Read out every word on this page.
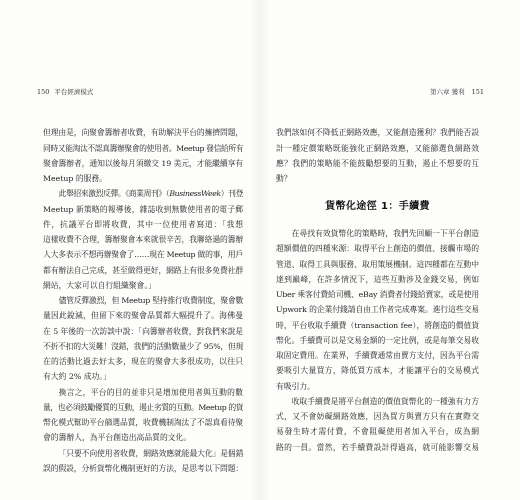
150 平台經濟模式
但理由是，向聚會籌辦者收費，有助解決平台的擁擠問題，
同時又能淘汰不認真籌辦聚會的使用者。Meetup 發信給所有
聚會籌辦者，通知以後每月須繳交 19 美元，才能繼續享有
Meetup 的服務。
此舉招來激烈反彈。《商業周刊》（BusinessWeek）刊登
Meetup 新策略的報導後，雜誌收到無數使用者的電子郵
件，抗議平台即將收費，其中一位使用者寫道：「我想
這樣收費不合理，籌辦聚會本來就很辛苦，我聯絡過的籌辦
人大多表示不想再辦聚會了……現在 Meetup 做的事，用戶
都有辦法自己完成，甚至做得更好，網路上有很多免費社群
網站，大家可以自行組織聚會。」
儘管反彈激烈，但 Meetup 堅持推行收費制度，聚會數
量因此銳減，但留下來的聚會品質都大幅提升了。海佛曼
在 5 年後的一次訪談中說：「向籌辦者收費，對我們來說是
不折不扣的大災難！沒錯，我們的活動數量少了 95%，但現
在的活動比過去好太多，現在的聚會大多很成功，以往只
有大約 2% 成功。」
換言之，平台的目的並非只是增加使用者與互動的數
量，也必須鼓勵優質的互動，遏止劣質的互動。Meetup 的貨
幣化模式幫助平台篩選品質，收費機制淘汰了不認真看待聚
會的籌辦人，為平台創造出高品質的文化。
「只要不向使用者收費，網路效應就能最大化」是個錯
誤的假設，分析貨幣化機制更好的方法，是思考以下問題：
第六章 獲利 151
我們該如何不降低正網路效應，又能創造獲利？我們能否設
計一種定價策略既能強化正網路效應，又能篩選負網路效
應？我們的策略能不能鼓勵想要的互動，遏止不想要的互
動？
貨幣化途徑 1：手續費
在尋找有效貨幣化的策略時，我們先回顧一下平台創造
超額價值的四種來源：取得平台上創造的價值、接觸市場的
管道、取得工具與服務、取用策展機制。這四種都在互動中
達到巔峰，在許多情況下，這些互動涉及金錢交易，例如
Uber 乘客付費給司機、eBay 消費者付錢給賣家，或是使用
Upwork 的企業付錢請自由工作者完成專案。進行這些交易
時，平台收取手續費（transaction fee），將創造的價值貨
幣化。手續費可以是交易金額的一定比例，或是每筆交易收
取固定費用。在業界，手續費通常由賣方支付，因為平台需
要吸引大量買方，降低買方成本，才能讓平台的交易模式
有吸引力。
收取手續費是將平台創造的價值貨幣化的一種強有力方
式，又不會妨礙網路效應，因為買方與賣方只有在實際交
易發生時才需付費，不會阻礙使用者加入平台，成為網
路的一員。當然，若手續費設計得過高，就可能影響交易
